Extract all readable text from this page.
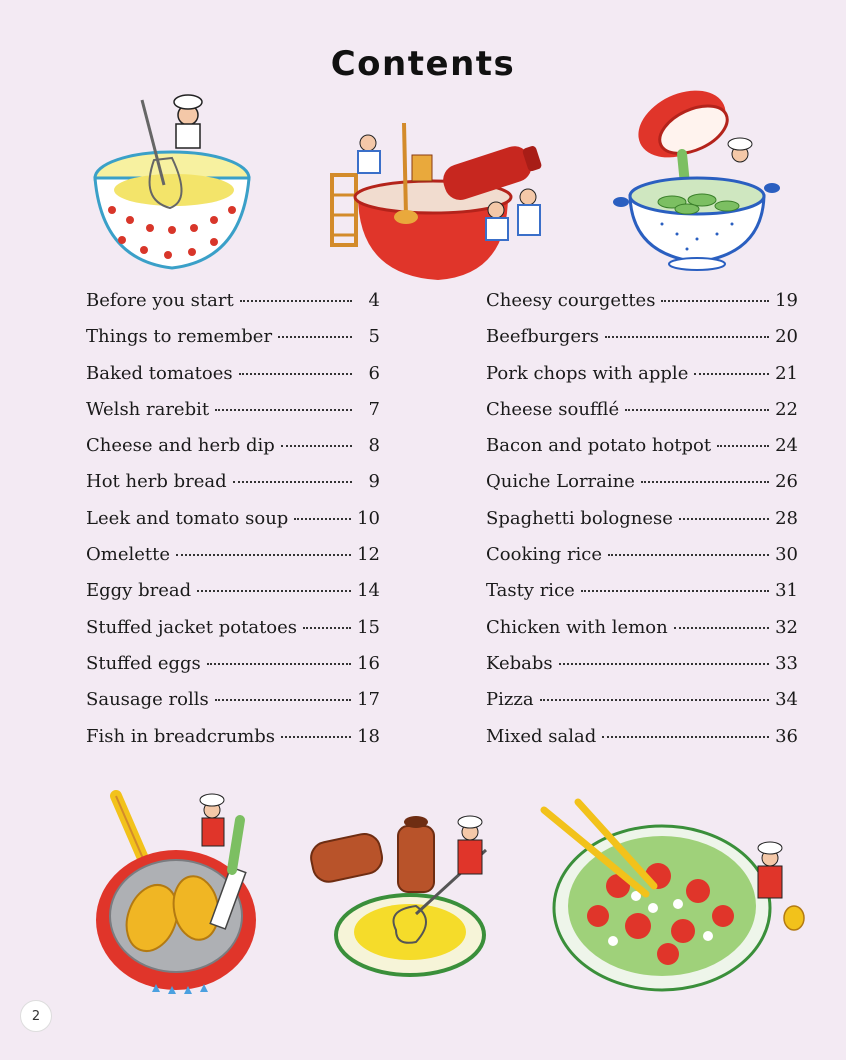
Contents
Before you start	4
Things to remember	5
Baked tomatoes	6
Welsh rarebit	7
Cheese and herb dip	8
Hot herb bread	9
Leek and tomato soup	10
Omelette	12
Eggy bread	14
Stuffed jacket potatoes	15
Stuffed eggs	16
Sausage rolls	17
Fish in breadcrumbs	18
Cheesy courgettes	19
Beefburgers	20
Pork chops with apple	21
Cheese soufflé	22
Bacon and potato hotpot	24
Quiche Lorraine	26
Spaghetti bolognese	28
Cooking rice	30
Tasty rice	31
Chicken with lemon	32
Kebabs	33
Pizza	34
Mixed salad	36
2
